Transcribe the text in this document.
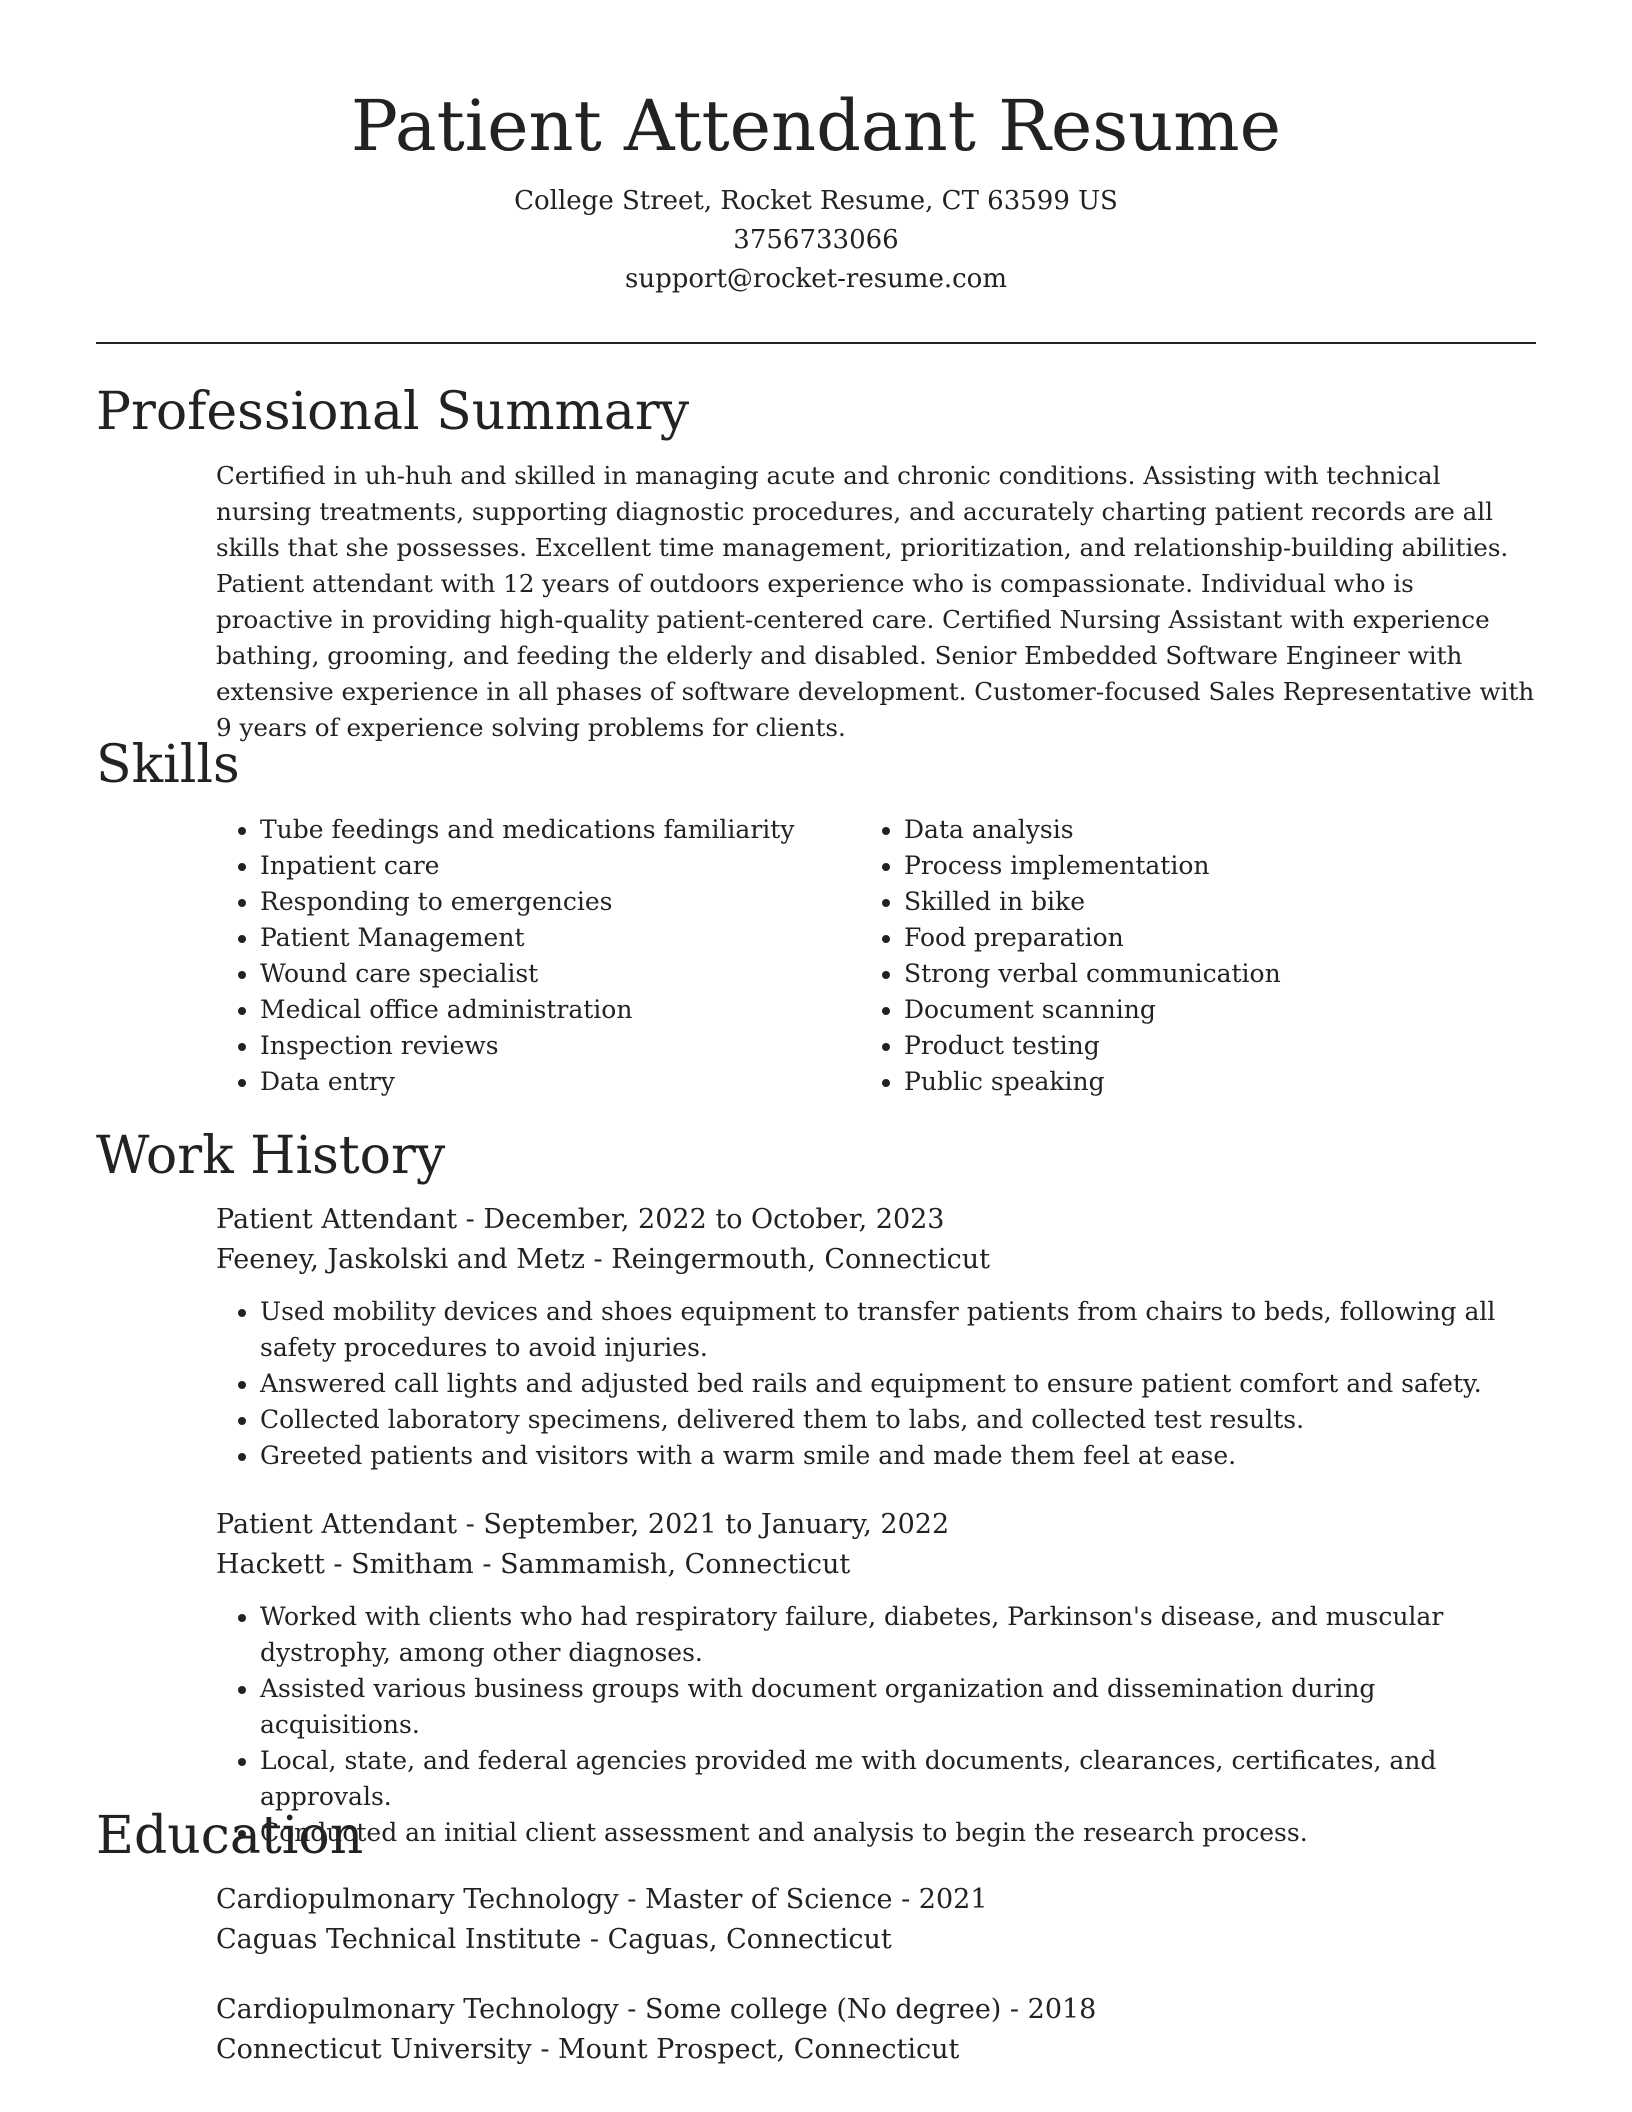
Patient Attendant Resume
College Street, Rocket Resume, CT 63599 US
3756733066
support@rocket-resume.com
Professional Summary
Certified in uh-huh and skilled in managing acute and chronic conditions. Assisting with technical nursing treatments, supporting diagnostic procedures, and accurately charting patient records are all skills that she possesses. Excellent time management, prioritization, and relationship-building abilities. Patient attendant with 12 years of outdoors experience who is compassionate. Individual who is proactive in providing high-quality patient-centered care. Certified Nursing Assistant with experience bathing, grooming, and feeding the elderly and disabled. Senior Embedded Software Engineer with extensive experience in all phases of software development. Customer-focused Sales Representative with 9 years of experience solving problems for clients.
Skills
• Tube feedings and medications familiarity
• Inpatient care
• Responding to emergencies
• Patient Management
• Wound care specialist
• Medical office administration
• Inspection reviews
• Data entry
• Data analysis
• Process implementation
• Skilled in bike
• Food preparation
• Strong verbal communication
• Document scanning
• Product testing
• Public speaking
Work History
Patient Attendant - December, 2022 to October, 2023
Feeney, Jaskolski and Metz - Reingermouth, Connecticut
• Used mobility devices and shoes equipment to transfer patients from chairs to beds, following all safety procedures to avoid injuries.
• Answered call lights and adjusted bed rails and equipment to ensure patient comfort and safety.
• Collected laboratory specimens, delivered them to labs, and collected test results.
• Greeted patients and visitors with a warm smile and made them feel at ease.
Patient Attendant - September, 2021 to January, 2022
Hackett - Smitham - Sammamish, Connecticut
• Worked with clients who had respiratory failure, diabetes, Parkinson's disease, and muscular dystrophy, among other diagnoses.
• Assisted various business groups with document organization and dissemination during acquisitions.
• Local, state, and federal agencies provided me with documents, clearances, certificates, and approvals.
• Conducted an initial client assessment and analysis to begin the research process.
Education
Cardiopulmonary Technology - Master of Science - 2021
Caguas Technical Institute - Caguas, Connecticut
Cardiopulmonary Technology - Some college (No degree) - 2018
Connecticut University - Mount Prospect, Connecticut
